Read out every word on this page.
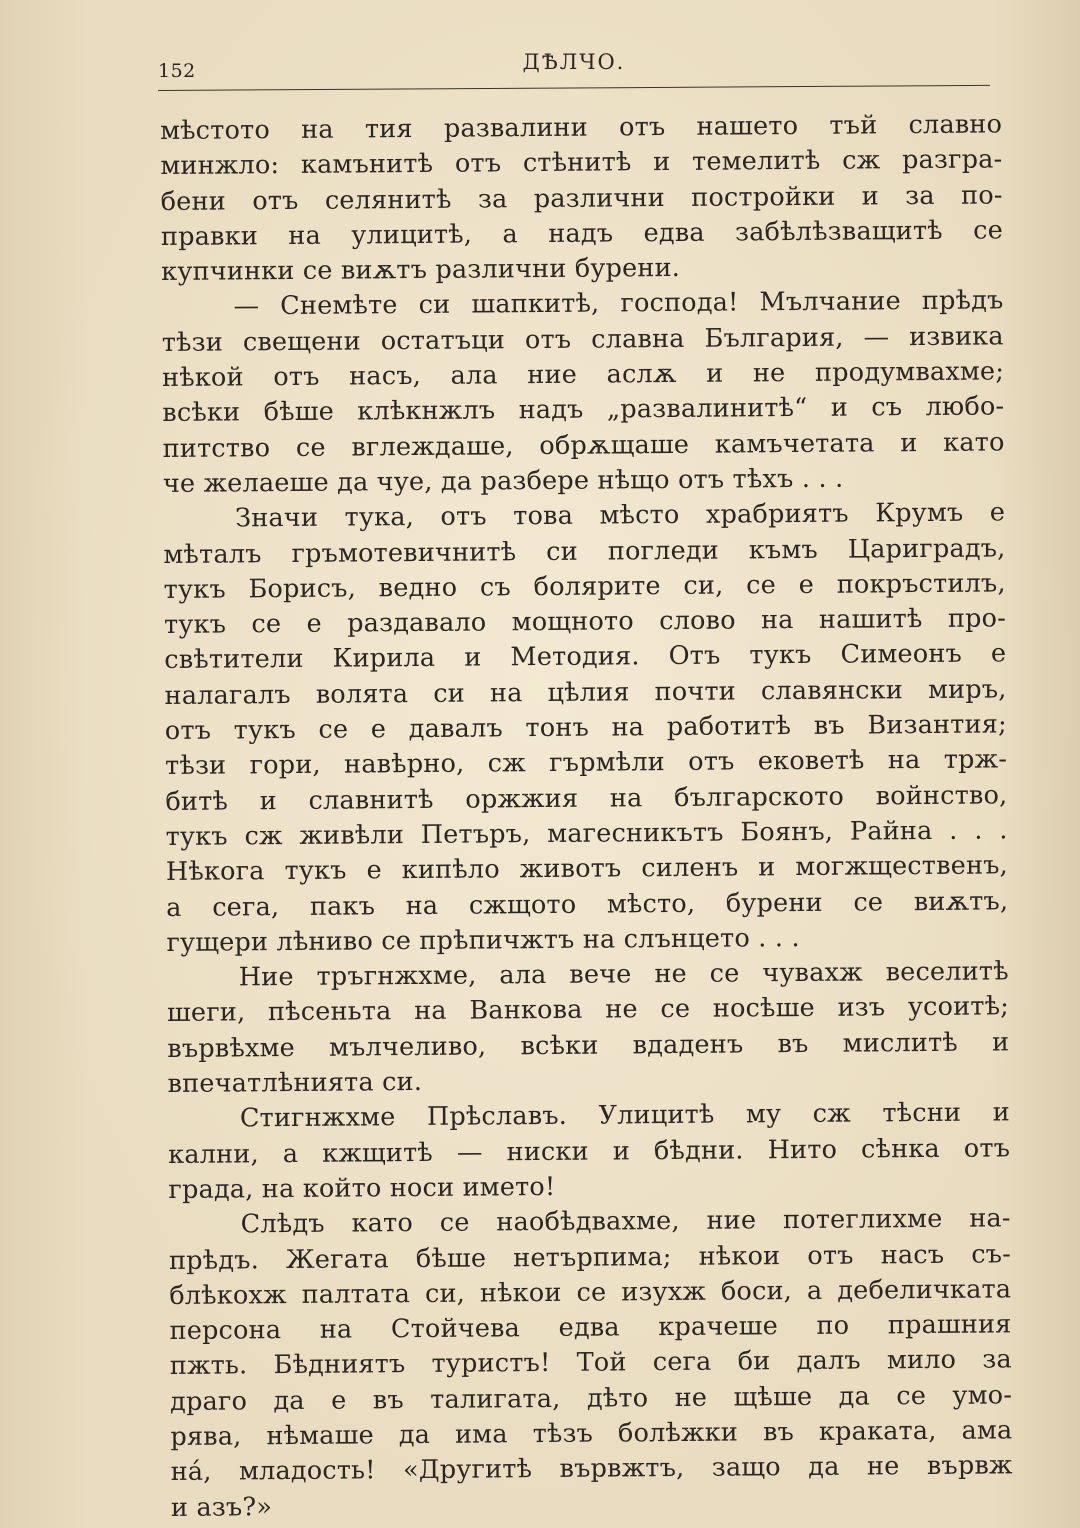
152	ДѢЛЧО.
мѣстото на тия развалини отъ нашето тъй славно
минжло: камънитѣ отъ стѣнитѣ и темелитѣ сж разгра-
бени отъ селянитѣ за различни постройки и за по-
правки на улицитѣ, а надъ едва забѣлѣзващитѣ се
купчинки се виѫтъ различни бурени.
— Снемѣте си шапкитѣ, господа! Мълчание прѣдъ
тѣзи свещени остатъци отъ славна България, — извика
нѣкой отъ насъ, ала ние аслѫ и не продумвахме;
всѣки бѣше клѣкнжлъ надъ „развалинитѣ“ и съ любо-
питство се вглеждаше, обрѫщаше камъчетата и като
че желаеше да чуе, да разбере нѣщо отъ тѣхъ . . .
Значи тука, отъ това мѣсто храбриятъ Крумъ е
мѣталъ гръмотевичнитѣ си погледи къмъ Цариградъ,
тукъ Борисъ, ведно съ болярите си, се е покръстилъ,
тукъ се е раздавало мощното слово на нашитѣ про-
свѣтители Кирила и Методия. Отъ тукъ Симеонъ е
налагалъ волята си на цѣлия почти славянски миръ,
отъ тукъ се е давалъ тонъ на работитѣ въ Византия;
тѣзи гори, навѣрно, сж гърмѣли отъ ековетѣ на трж-
битѣ и славнитѣ оржжия на българското войнство,
тукъ сж живѣли Петъръ, магесникътъ Боянъ, Райна . . .
Нѣкога тукъ е кипѣло животъ силенъ и могжщественъ,
а сега, пакъ на сжщото мѣсто, бурени се виѫтъ,
гущери лѣниво се прѣпичжтъ на слънцето . . .
Ние тръгнжхме, ала вече не се чувахж веселитѣ
шеги, пѣсеньта на Ванкова не се носѣше изъ усоитѣ;
вървѣхме мълчеливо, всѣки вдаденъ въ мислитѣ и
впечатлѣнията си.
Стигнжхме Прѣславъ. Улицитѣ му сж тѣсни и
кални, а кжщитѣ — ниски и бѣдни. Нито сѣнка отъ
града, на който носи името!
Слѣдъ като се наобѣдвахме, ние потеглихме на-
прѣдъ. Жегата бѣше нетърпима; нѣкои отъ насъ съ-
блѣкохж палтата си, нѣкои се изухж боси, а дебеличката
персона на Стойчева едва крачеше по прашния
пжть. Бѣдниятъ туристъ! Той сега би далъ мило за
драго да е въ талигата, дѣто не щѣше да се умо-
рява, нѣмаше да има тѣзъ болѣжки въ краката, ама
на́, младость! «Другитѣ вървжтъ, защо да не вървж
и азъ?»
